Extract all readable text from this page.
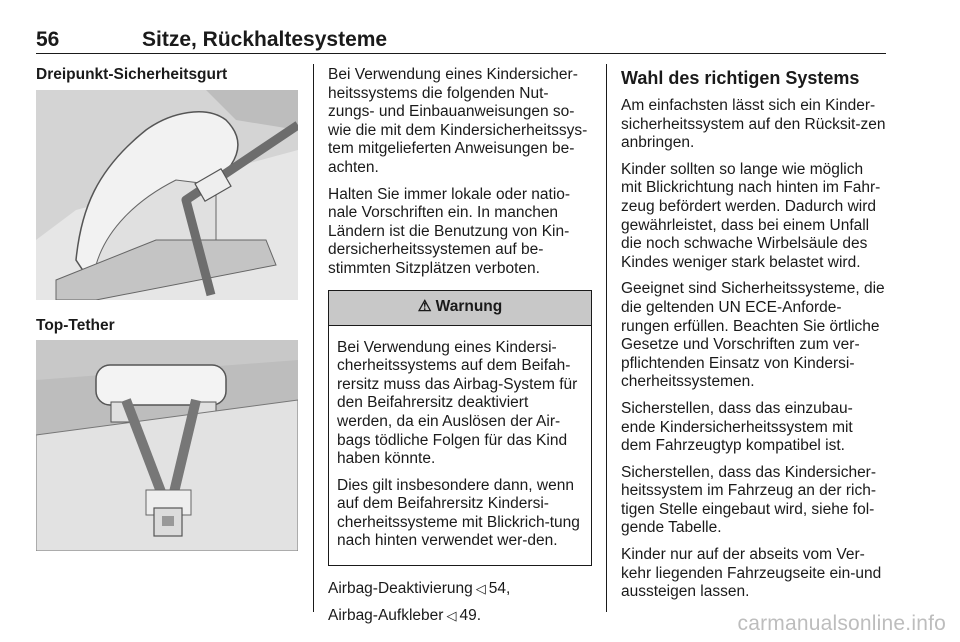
56	Sitze, Rückhaltesysteme
Dreipunkt-Sicherheitsgurt
Top-Tether

Bei Verwendung eines Kindersicher-heitssystems die folgenden Nut-zungs- und Einbauanweisungen so-wie die mit dem Kindersicherheitssys-tem mitgelieferten Anweisungen be-achten.

Halten Sie immer lokale oder natio-nale Vorschriften ein. In manchen Ländern ist die Benutzung von Kin-dersicherheitssystemen auf be-stimmten Sitzplätzen verboten.

⚠ Warnung

Bei Verwendung eines Kindersi-cherheitssystems auf dem Beifah-rersitz muss das Airbag-System für den Beifahrersitz deaktiviert werden, da ein Auslösen der Air-bags tödliche Folgen für das Kind haben könnte.

Dies gilt insbesondere dann, wenn auf dem Beifahrersitz Kindersi-cherheitssysteme mit Blickrich-tung nach hinten verwendet wer-den.

Airbag-Deaktivierung ◁ 54,

Airbag-Aufkleber ◁ 49.

Wahl des richtigen Systems

Am einfachsten lässt sich ein Kinder-sicherheitssystem auf den Rücksit-zen anbringen.

Kinder sollten so lange wie möglich mit Blickrichtung nach hinten im Fahr-zeug befördert werden. Dadurch wird gewährleistet, dass bei einem Unfall die noch schwache Wirbelsäule des Kindes weniger stark belastet wird.

Geeignet sind Sicherheitssysteme, die die geltenden UN ECE-Anforde-rungen erfüllen. Beachten Sie örtliche Gesetze und Vorschriften zum ver-pflichtenden Einsatz von Kindersi-cherheitssystemen.

Sicherstellen, dass das einzubau-ende Kindersicherheitssystem mit dem Fahrzeugtyp kompatibel ist.

Sicherstellen, dass das Kindersicher-heitssystem im Fahrzeug an der rich-tigen Stelle eingebaut wird, siehe fol-gende Tabelle.

Kinder nur auf der abseits vom Ver-kehr liegenden Fahrzeugseite ein-und aussteigen lassen.

carmanualsonline.info
